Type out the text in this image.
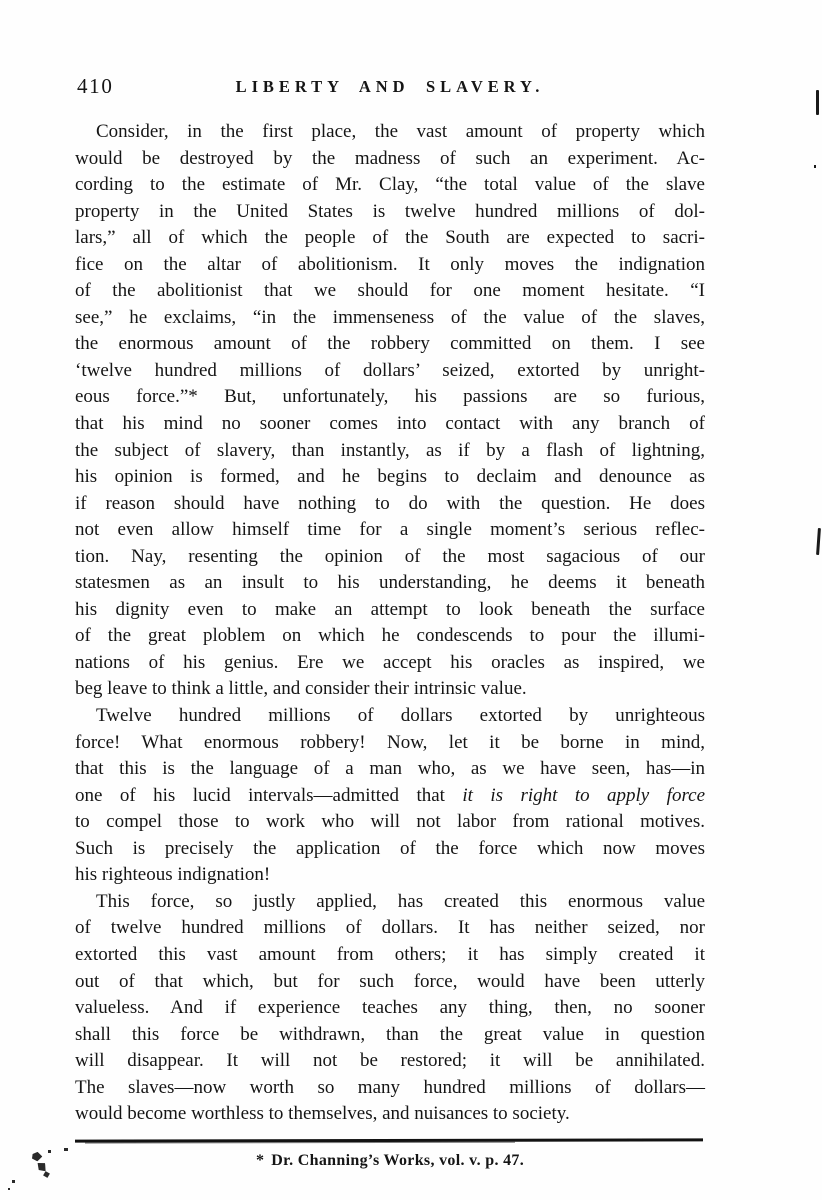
410	LIBERTY AND SLAVERY.
Consider, in the first place, the vast amount of property which
would be destroyed by the madness of such an experiment. Ac-
cording to the estimate of Mr. Clay, “the total value of the slave
property in the United States is twelve hundred millions of dol-
lars,” all of which the people of the South are expected to sacri-
fice on the altar of abolitionism. It only moves the indignation
of the abolitionist that we should for one moment hesitate. “I
see,” he exclaims, “in the immenseness of the value of the slaves,
the enormous amount of the robbery committed on them. I see
‘twelve hundred millions of dollars’ seized, extorted by unright-
eous force.”* But, unfortunately, his passions are so furious,
that his mind no sooner comes into contact with any branch of
the subject of slavery, than instantly, as if by a flash of lightning,
his opinion is formed, and he begins to declaim and denounce as
if reason should have nothing to do with the question. He does
not even allow himself time for a single moment’s serious reflec-
tion. Nay, resenting the opinion of the most sagacious of our
statesmen as an insult to his understanding, he deems it beneath
his dignity even to make an attempt to look beneath the surface
of the great ploblem on which he condescends to pour the illumi-
nations of his genius. Ere we accept his oracles as inspired, we
beg leave to think a little, and consider their intrinsic value.
Twelve hundred millions of dollars extorted by unrighteous
force! What enormous robbery! Now, let it be borne in mind,
that this is the language of a man who, as we have seen, has—in
one of his lucid intervals—admitted that it is right to apply force
to compel those to work who will not labor from rational motives.
Such is precisely the application of the force which now moves
his righteous indignation!
This force, so justly applied, has created this enormous value
of twelve hundred millions of dollars. It has neither seized, nor
extorted this vast amount from others; it has simply created it
out of that which, but for such force, would have been utterly
valueless. And if experience teaches any thing, then, no sooner
shall this force be withdrawn, than the great value in question
will disappear. It will not be restored; it will be annihilated.
The slaves—now worth so many hundred millions of dollars—
would become worthless to themselves, and nuisances to society.
* Dr. Channing’s Works, vol. v. p. 47.
